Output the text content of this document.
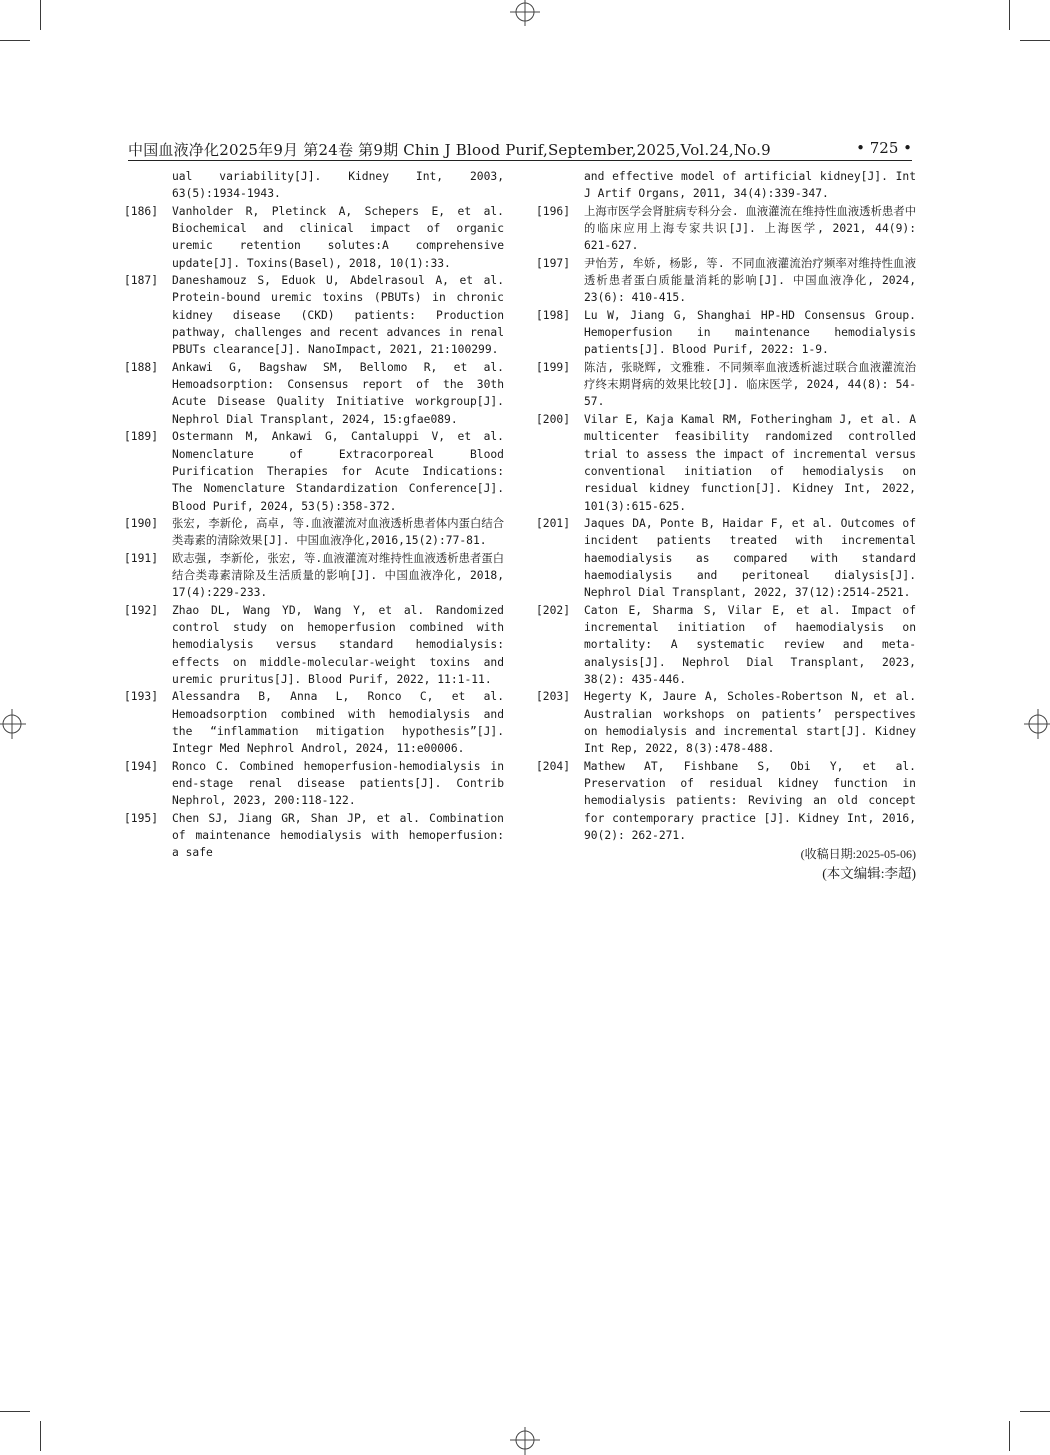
中国血液净化2025年9月 第24卷 第9期 Chin J Blood Purif,September,2025,Vol.24,No.9	• 725 •
ual variability[J]. Kidney Int, 2003, 63(5):1934-1943.
[186]	Vanholder R, Pletinck A, Schepers E, et al. Biochemical and clinical impact of organic uremic retention solutes:A comprehensive update[J]. Toxins(Basel), 2018, 10(1):33.
[187]	Daneshamouz S, Eduok U, Abdelrasoul A, et al. Protein-bound uremic toxins (PBUTs) in chronic kidney disease (CKD) patients: Production pathway, challenges and recent advances in renal PBUTs clearance[J]. NanoImpact, 2021, 21:100299.
[188]	Ankawi G, Bagshaw SM, Bellomo R, et al. Hemoadsorption: Consensus report of the 30th Acute Disease Quality Initiative workgroup[J]. Nephrol Dial Transplant, 2024, 15:gfae089.
[189]	Ostermann M, Ankawi G, Cantaluppi V, et al. Nomenclature of Extracorporeal Blood Purification Therapies for Acute Indications: The Nomenclature Standardization Conference[J]. Blood Purif, 2024, 53(5):358-372.
[190]	张宏, 李新伦, 高卓, 等.血液灌流对血液透析患者体内蛋白结合类毒素的清除效果[J]. 中国血液净化,2016,15(2):77-81.
[191]	欧志强, 李新伦, 张宏, 等.血液灌流对维持性血液透析患者蛋白结合类毒素清除及生活质量的影响[J]. 中国血液净化, 2018, 17(4):229-233.
[192]	Zhao DL, Wang YD, Wang Y, et al. Randomized control study on hemoperfusion combined with hemodialysis versus standard hemodialysis: effects on middle-molecular-weight toxins and uremic pruritus[J]. Blood Purif, 2022, 11:1-11.
[193]	Alessandra B, Anna L, Ronco C, et al. Hemoadsorption combined with hemodialysis and the “inflammation mitigation hypothesis”[J]. Integr Med Nephrol Androl, 2024, 11:e00006.
[194]	Ronco C. Combined hemoperfusion-hemodialysis in end-stage renal disease patients[J]. Contrib Nephrol, 2023, 200:118-122.
[195]	Chen SJ, Jiang GR, Shan JP, et al. Combination of maintenance hemodialysis with hemoperfusion: a safe
and effective model of artificial kidney[J]. Int J Artif Organs, 2011, 34(4):339-347.
[196]	上海市医学会肾脏病专科分会. 血液灌流在维持性血液透析患者中的临床应用上海专家共识[J]. 上海医学, 2021, 44(9): 621-627.
[197]	尹怡芳, 牟娇, 杨影, 等. 不同血液灌流治疗频率对维持性血液透析患者蛋白质能量消耗的影响[J]. 中国血液净化, 2024, 23(6): 410-415.
[198]	Lu W, Jiang G, Shanghai HP-HD Consensus Group. Hemoperfusion in maintenance hemodialysis patients[J]. Blood Purif, 2022: 1-9.
[199]	陈洁, 张晓辉, 文雅雅. 不同频率血液透析滤过联合血液灌流治疗终末期肾病的效果比较[J]. 临床医学, 2024, 44(8): 54-57.
[200]	Vilar E, Kaja Kamal RM, Fotheringham J, et al. A multicenter feasibility randomized controlled trial to assess the impact of incremental versus conventional initiation of hemodialysis on residual kidney function[J]. Kidney Int, 2022, 101(3):615-625.
[201]	Jaques DA, Ponte B, Haidar F, et al. Outcomes of incident patients treated with incremental haemodialysis as compared with standard haemodialysis and peritoneal dialysis[J]. Nephrol Dial Transplant, 2022, 37(12):2514-2521.
[202]	Caton E, Sharma S, Vilar E, et al. Impact of incremental initiation of haemodialysis on mortality: A systematic review and meta-analysis[J]. Nephrol Dial Transplant, 2023, 38(2): 435-446.
[203]	Hegerty K, Jaure A, Scholes-Robertson N, et al. Australian workshops on patients’ perspectives on hemodialysis and incremental start[J]. Kidney Int Rep, 2022, 8(3):478-488.
[204]	Mathew AT, Fishbane S, Obi Y, et al. Preservation of residual kidney function in hemodialysis patients: Reviving an old concept for contemporary practice [J]. Kidney Int, 2016, 90(2): 262-271.
(收稿日期:2025-05-06)
(本文编辑:李超)
